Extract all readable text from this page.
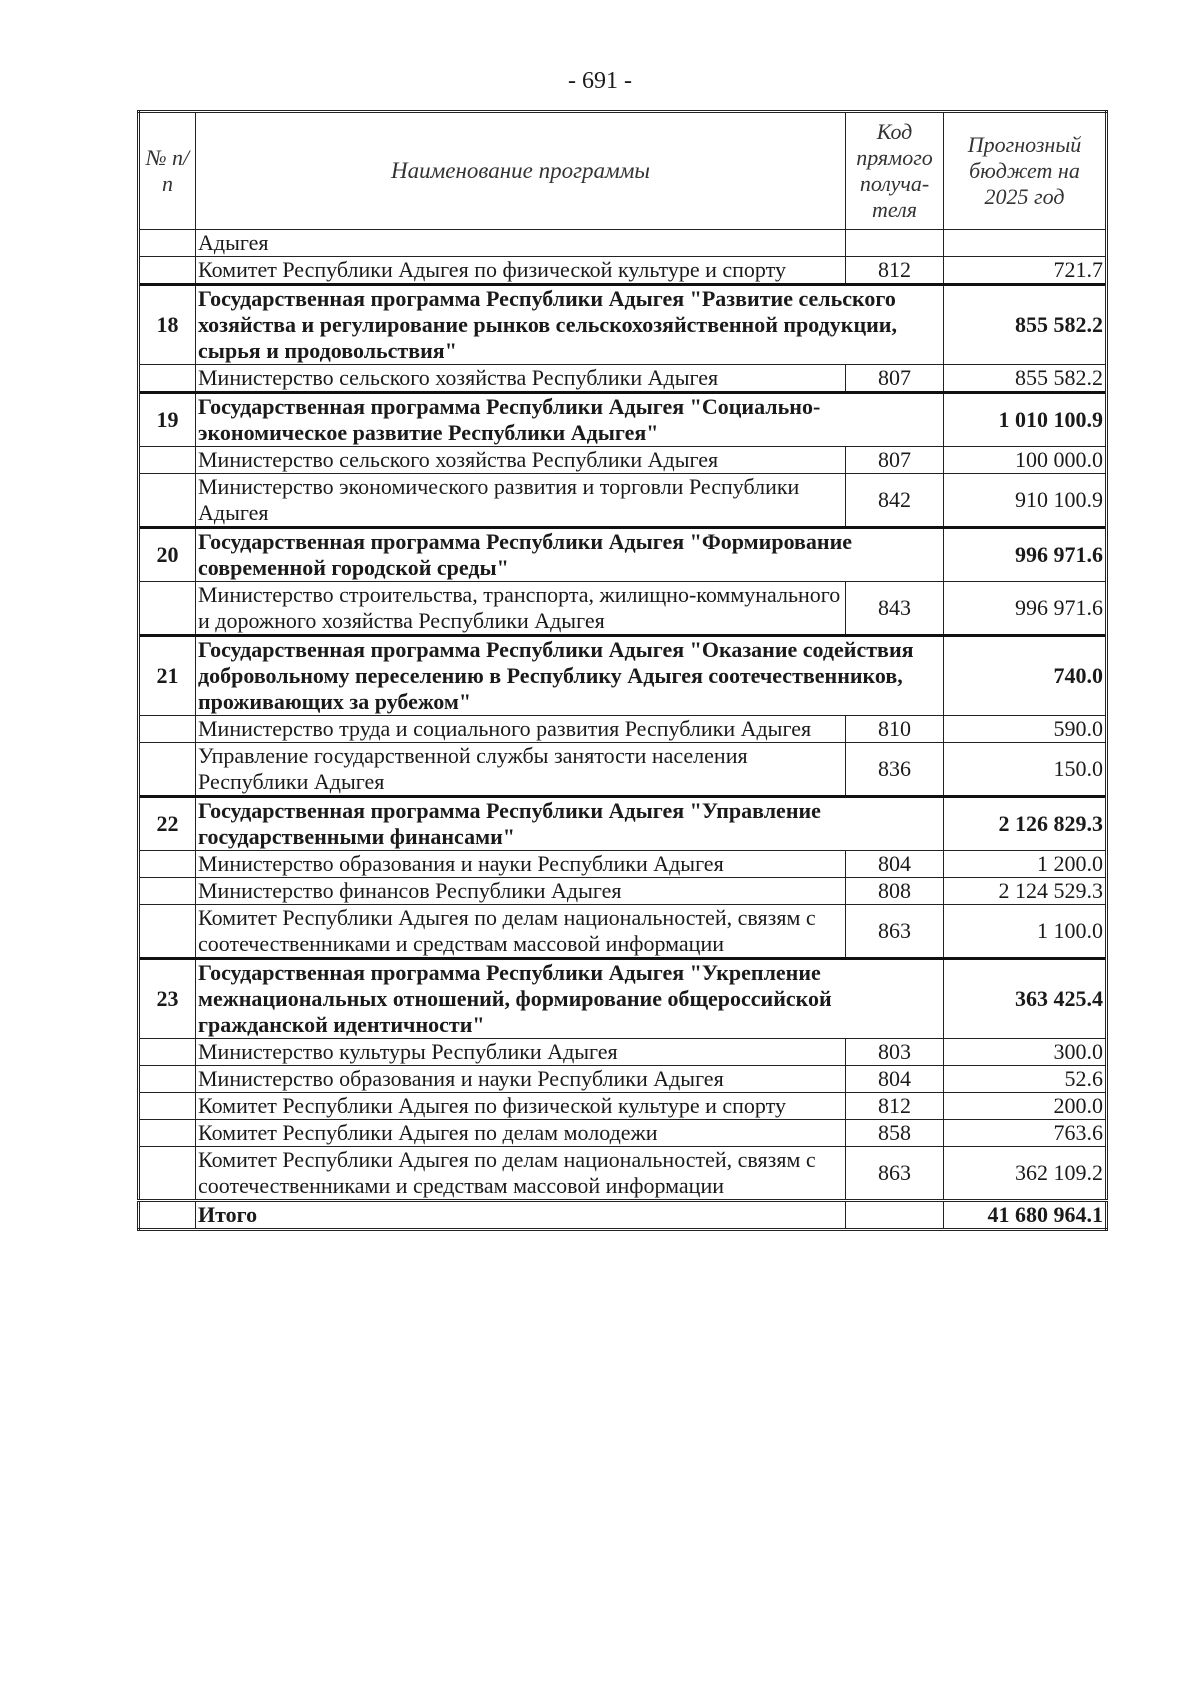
- 691 -
№ п/п	Наименование программы	Код прямого получа-теля	Прогнозный бюджет на 2025 год
	Адыгея		
	Комитет Республики Адыгея по физической культуре и спорту	812	721.7
18	Государственная программа Республики Адыгея "Развитие сельского хозяйства и регулирование рынков сельскохозяйственной продукции, сырья и продовольствия"		855 582.2
	Министерство сельского хозяйства Республики Адыгея	807	855 582.2
19	Государственная программа Республики Адыгея "Социально-экономическое развитие Республики Адыгея"		1 010 100.9
	Министерство сельского хозяйства Республики Адыгея	807	100 000.0
	Министерство экономического развития и торговли Республики Адыгея	842	910 100.9
20	Государственная программа Республики Адыгея "Формирование современной городской среды"		996 971.6
	Министерство строительства, транспорта, жилищно-коммунального и дорожного хозяйства Республики Адыгея	843	996 971.6
21	Государственная программа Республики Адыгея "Оказание содействия добровольному переселению в Республику Адыгея соотечественников, проживающих за рубежом"		740.0
	Министерство труда и социального развития Республики Адыгея	810	590.0
	Управление государственной службы занятости населения Республики Адыгея	836	150.0
22	Государственная программа Республики Адыгея "Управление государственными финансами"		2 126 829.3
	Министерство образования и науки Республики Адыгея	804	1 200.0
	Министерство финансов Республики Адыгея	808	2 124 529.3
	Комитет Республики Адыгея по делам национальностей, связям с соотечественниками и средствам массовой информации	863	1 100.0
23	Государственная программа Республики Адыгея "Укрепление межнациональных отношений, формирование общероссийской гражданской идентичности"		363 425.4
	Министерство культуры Республики Адыгея	803	300.0
	Министерство образования и науки Республики Адыгея	804	52.6
	Комитет Республики Адыгея по физической культуре и спорту	812	200.0
	Комитет Республики Адыгея по делам молодежи	858	763.6
	Комитет Республики Адыгея по делам национальностей, связям с соотечественниками и средствам массовой информации	863	362 109.2
	Итого		41 680 964.1
